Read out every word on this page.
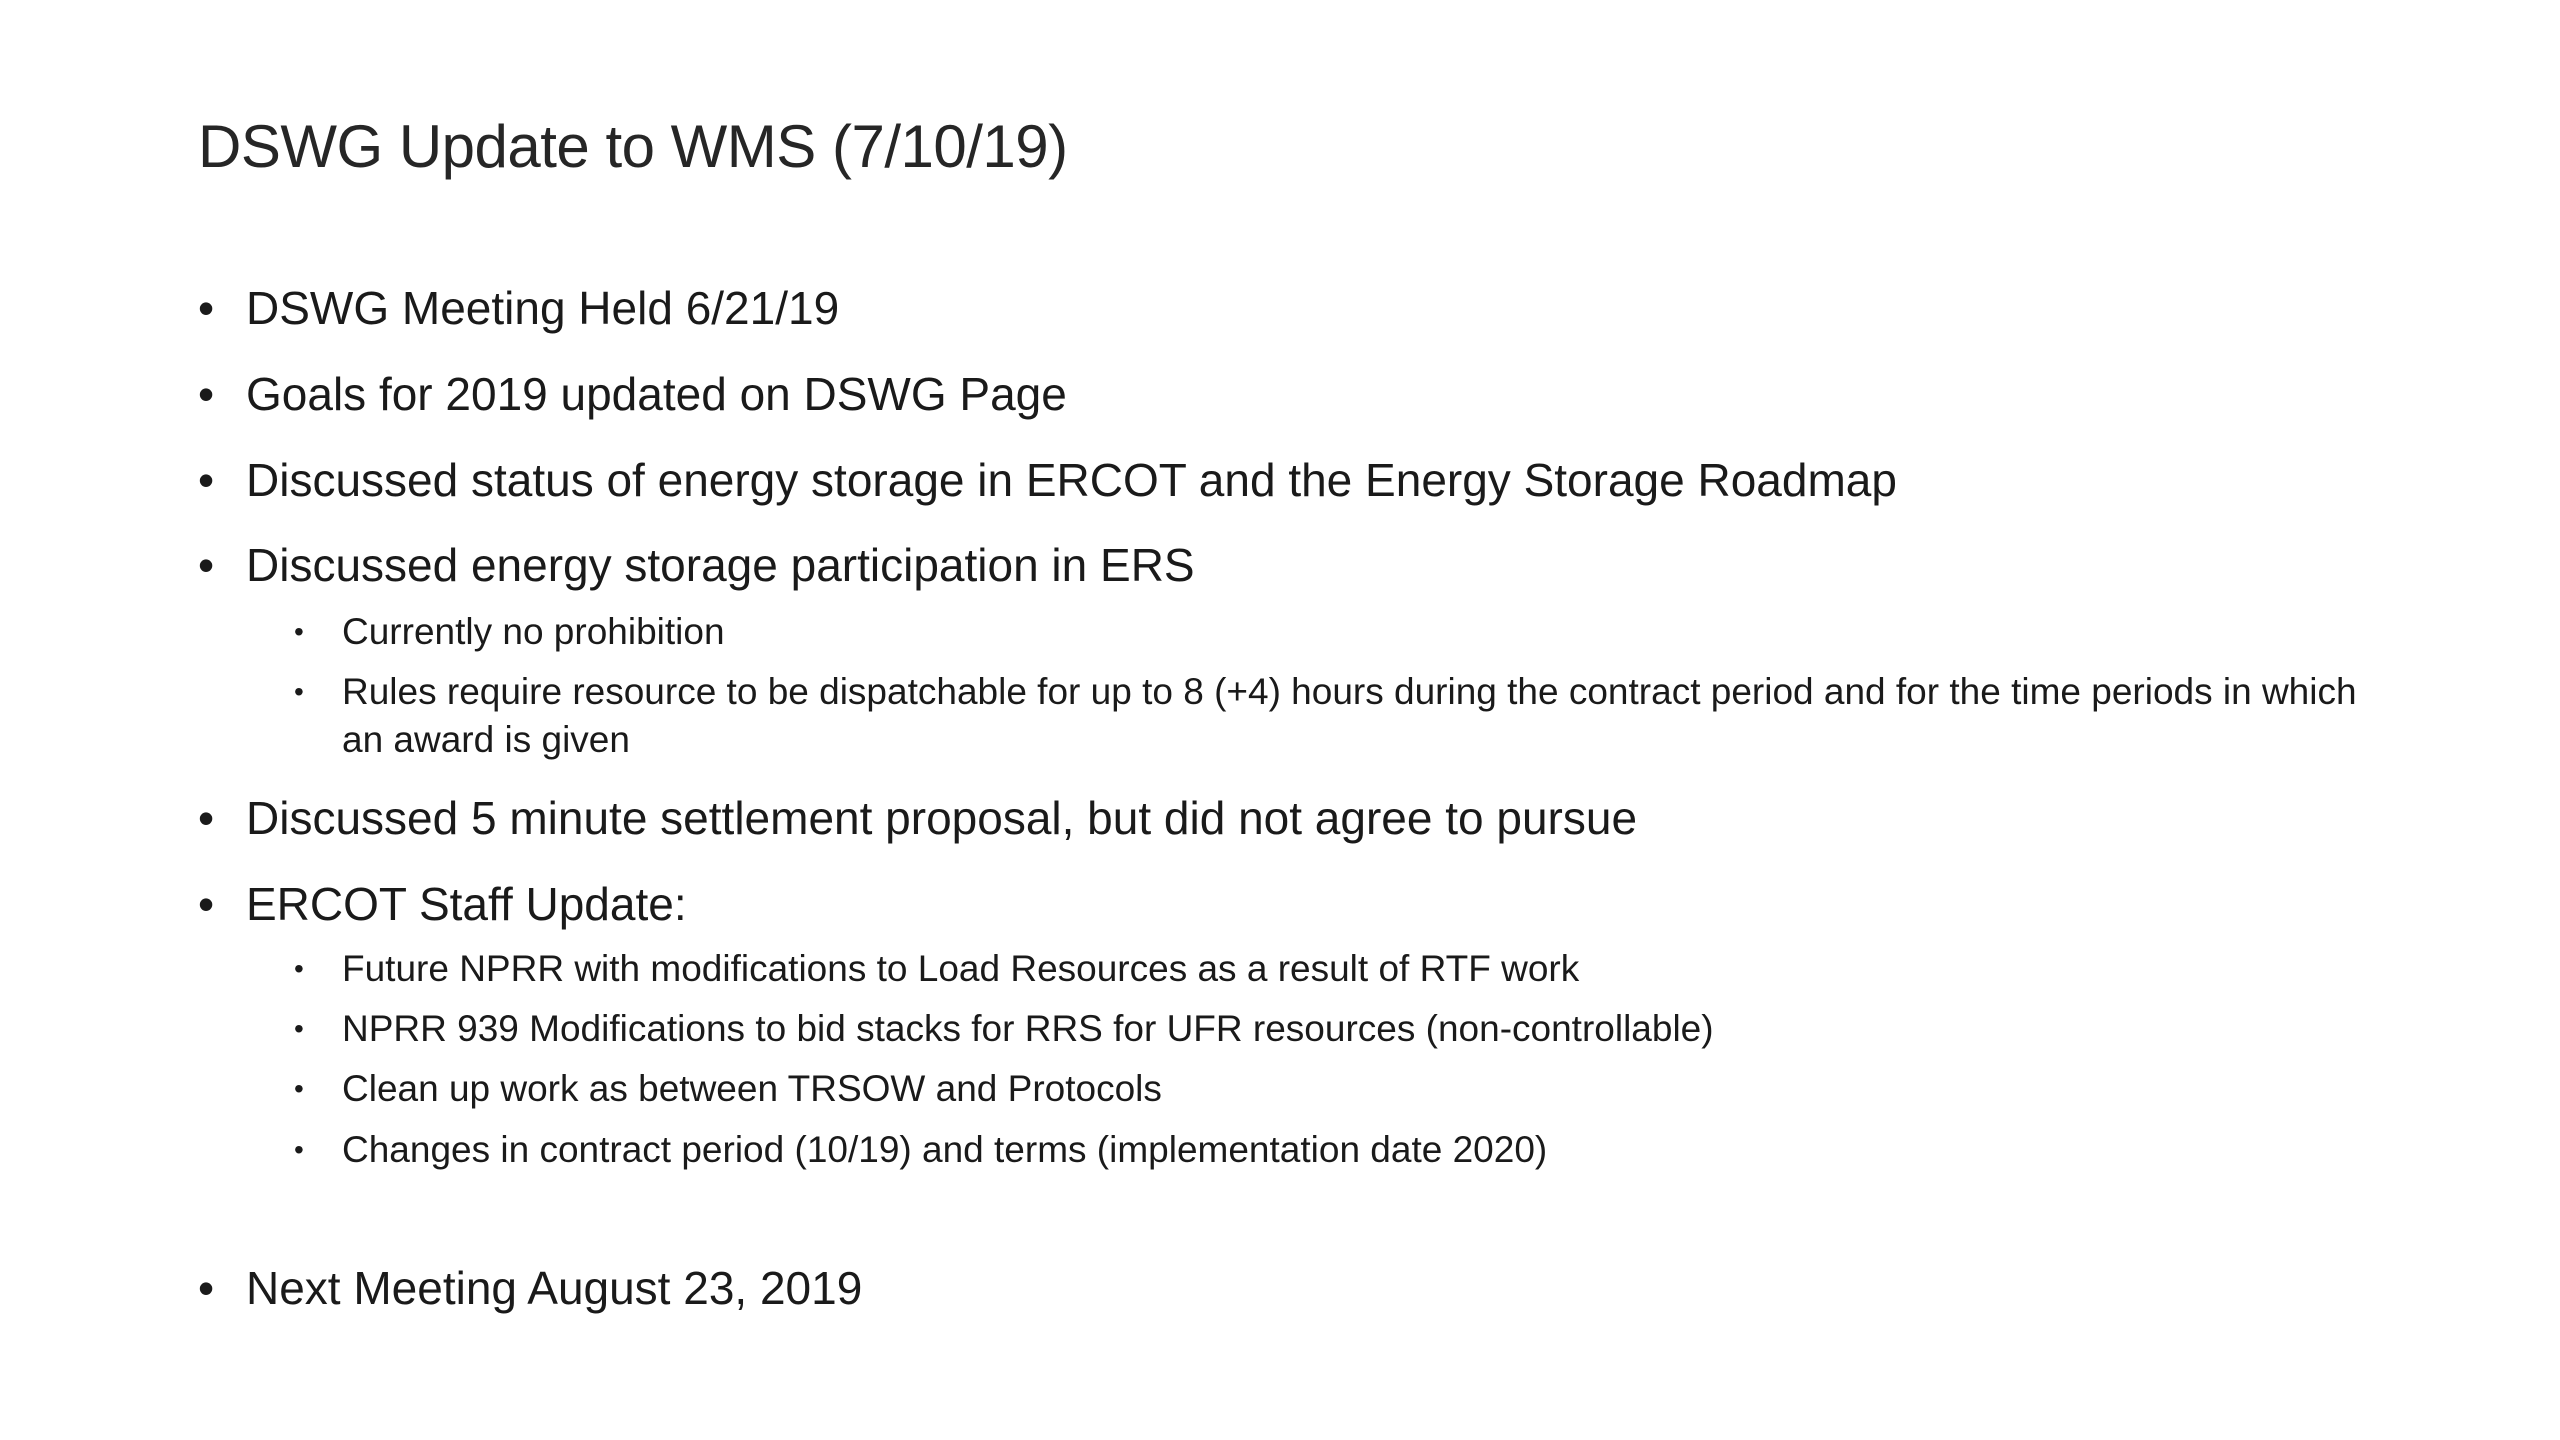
DSWG Update to WMS (7/10/19)
• DSWG Meeting Held 6/21/19
• Goals for 2019 updated on DSWG Page
• Discussed status of energy storage in ERCOT and the Energy Storage Roadmap
• Discussed energy storage participation in ERS
• Currently no prohibition
• Rules require resource to be dispatchable for up to 8 (+4) hours during the contract period and for the time periods in which an award is given
• Discussed 5 minute settlement proposal, but did not agree to pursue
• ERCOT Staff Update:
• Future NPRR with modifications to Load Resources as a result of RTF work
• NPRR 939 Modifications to bid stacks for RRS for UFR resources (non-controllable)
• Clean up work as between TRSOW and Protocols
• Changes in contract period (10/19) and terms (implementation date 2020)
• Next Meeting August 23, 2019
